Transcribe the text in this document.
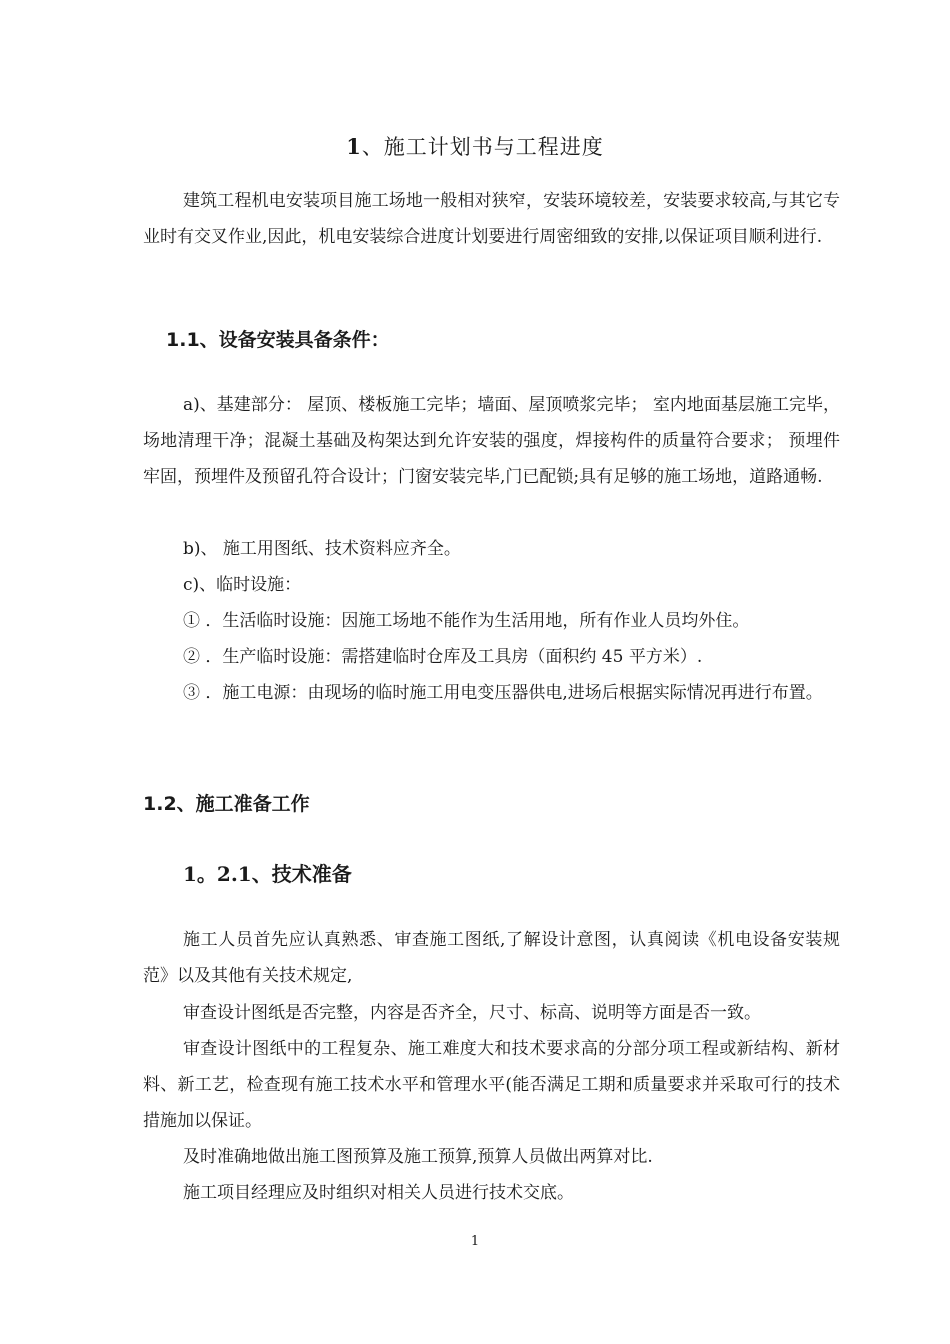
1、施工计划书与工程进度

建筑工程机电安装项目施工场地一般相对狭窄，安装环境较差，安装要求较高,与其它专业时有交叉作业,因此，机电安装综合进度计划要进行周密细致的安排,以保证项目顺利进行.

1.1、设备安装具备条件：

a)、基建部分： 屋顶、楼板施工完毕；墙面、屋顶喷浆完毕； 室内地面基层施工完毕，场地清理干净；混凝土基础及构架达到允许安装的强度，焊接构件的质量符合要求； 预埋件牢固，预埋件及预留孔符合设计；门窗安装完毕,门已配锁;具有足够的施工场地，道路通畅.

b)、 施工用图纸、技术资料应齐全。

c)、临时设施：

① ．生活临时设施：因施工场地不能作为生活用地，所有作业人员均外住。

② ．生产临时设施：需搭建临时仓库及工具房（面积约 45 平方米）.

③ ．施工电源：由现场的临时施工用电变压器供电,进场后根据实际情况再进行布置。

1.2、施工准备工作
1。2.1、技术准备

施工人员首先应认真熟悉、审查施工图纸,了解设计意图，认真阅读《机电设备安装规范》以及其他有关技术规定,

审查设计图纸是否完整，内容是否齐全，尺寸、标高、说明等方面是否一致。

审查设计图纸中的工程复杂、施工难度大和技术要求高的分部分项工程或新结构、新材料、新工艺，检查现有施工技术水平和管理水平(能否满足工期和质量要求并采取可行的技术措施加以保证。

及时准确地做出施工图预算及施工预算,预算人员做出两算对比.

施工项目经理应及时组织对相关人员进行技术交底。

1
